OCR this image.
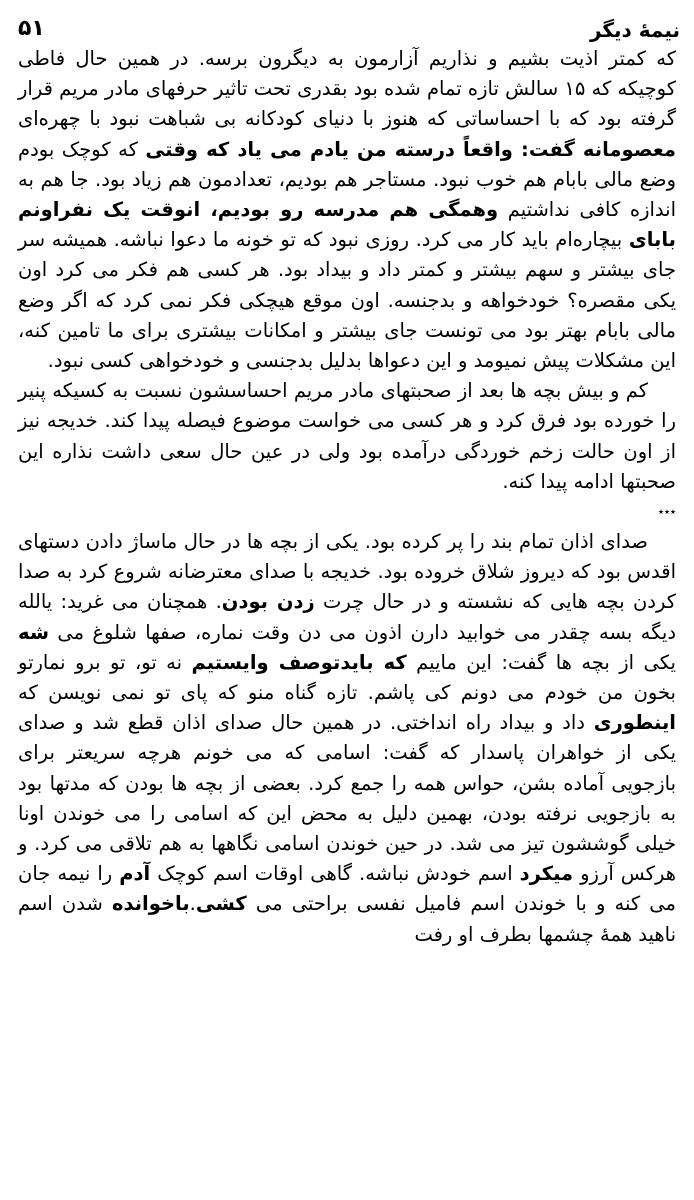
نیمهٔ دیگر
۵۱

که کمتر اذیت بشیم و نذاریم آزارمون به دیگرون برسه. در همین حال فاطی کوچیکه که ۱۵ سالش تازه تمام شده بود بقدری تحت تاثیر حرفهای مادر مریم قرار گرفته بود که با احساساتی که هنوز با دنیای کودکانه بی شباهت نبود با چهره‌ای معصومانه گفت: واقعاً درسته من یادم می یاد که وقتی که کوچک بودم وضع مالی بابام هم خوب نبود. مستاجر هم بودیم، تعدادمون هم زیاد بود. جا هم به اندازه کافی نداشتیم وهمگی هم مدرسه رو بودیم، انوقت یک نفراونم بابای بیچاره‌ام باید کار می کرد. روزی نبود که تو خونه ما دعوا نباشه. همیشه سر جای بیشتر و سهم بیشتر و کمتر داد و بیداد بود. هر کسی هم فکر می کرد اون یکی مقصره؟ خودخواهه و بدجنسه. اون موقع هیچکی فکر نمی کرد که اگر وضع مالی بابام بهتر بود می تونست جای بیشتر و امکانات بیشتری برای ما تامین کنه، این مشکلات پیش نمیومد و این دعواها بدلیل بدجنسی و خودخواهی کسی نبود.

کم و بیش بچه ها بعد از صحبتهای مادر مریم احساسشون نسبت به کسیکه پنیر را خورده بود فرق کرد و هر کسی می خواست موضوع فیصله پیدا کند. خدیجه نیز از اون حالت زخم خوردگی درآمده بود ولی در عین حال سعی داشت نذاره این صحبتها ادامه پیدا کنه.

٭٭٭

صدای اذان تمام بند را پر کرده بود. یکی از بچه ها در حال ماساژ دادن دستهای اقدس بود که دیروز شلاق خروده بود. خدیجه با صدای معترضانه شروع کرد به صدا کردن بچه هایی که نشسته و در حال چرت زدن بودن. همچنان می غرید: یالله دیگه بسه چقدر می خوابید دارن اذون می دن وقت نماره، صفها شلوغ می شه یکی از بچه ها گفت: این ماییم که بایدتوصف وایستیم نه تو، تو برو نمارتو بخون من خودم می دونم کی پاشم. تازه گناه منو که پای تو نمی نویسن که اینطوری داد و بیداد راه انداختی. در همین حال صدای اذان قطع شد و صدای یکی از خواهران پاسدار که گفت: اسامی که می خونم هرچه سریعتر برای بازجویی آماده بشن، حواس همه را جمع کرد. بعضی از بچه ها بودن که مدتها بود به بازجویی نرفته بودن، بهمین دلیل به محض این که اسامی را می خوندن اونا خیلی گوششون تیز می شد. در حین خوندن اسامی نگاهها به هم تلاقی می کرد. و هرکس آرزو میکرد اسم خودش نباشه. گاهی اوقات اسم کوچک آدم را نیمه جان می کنه و با خوندن اسم فامیل نفسی براحتی می کشی.باخوانده شدن اسم ناهید همهٔ چشمها بطرف او رفت
